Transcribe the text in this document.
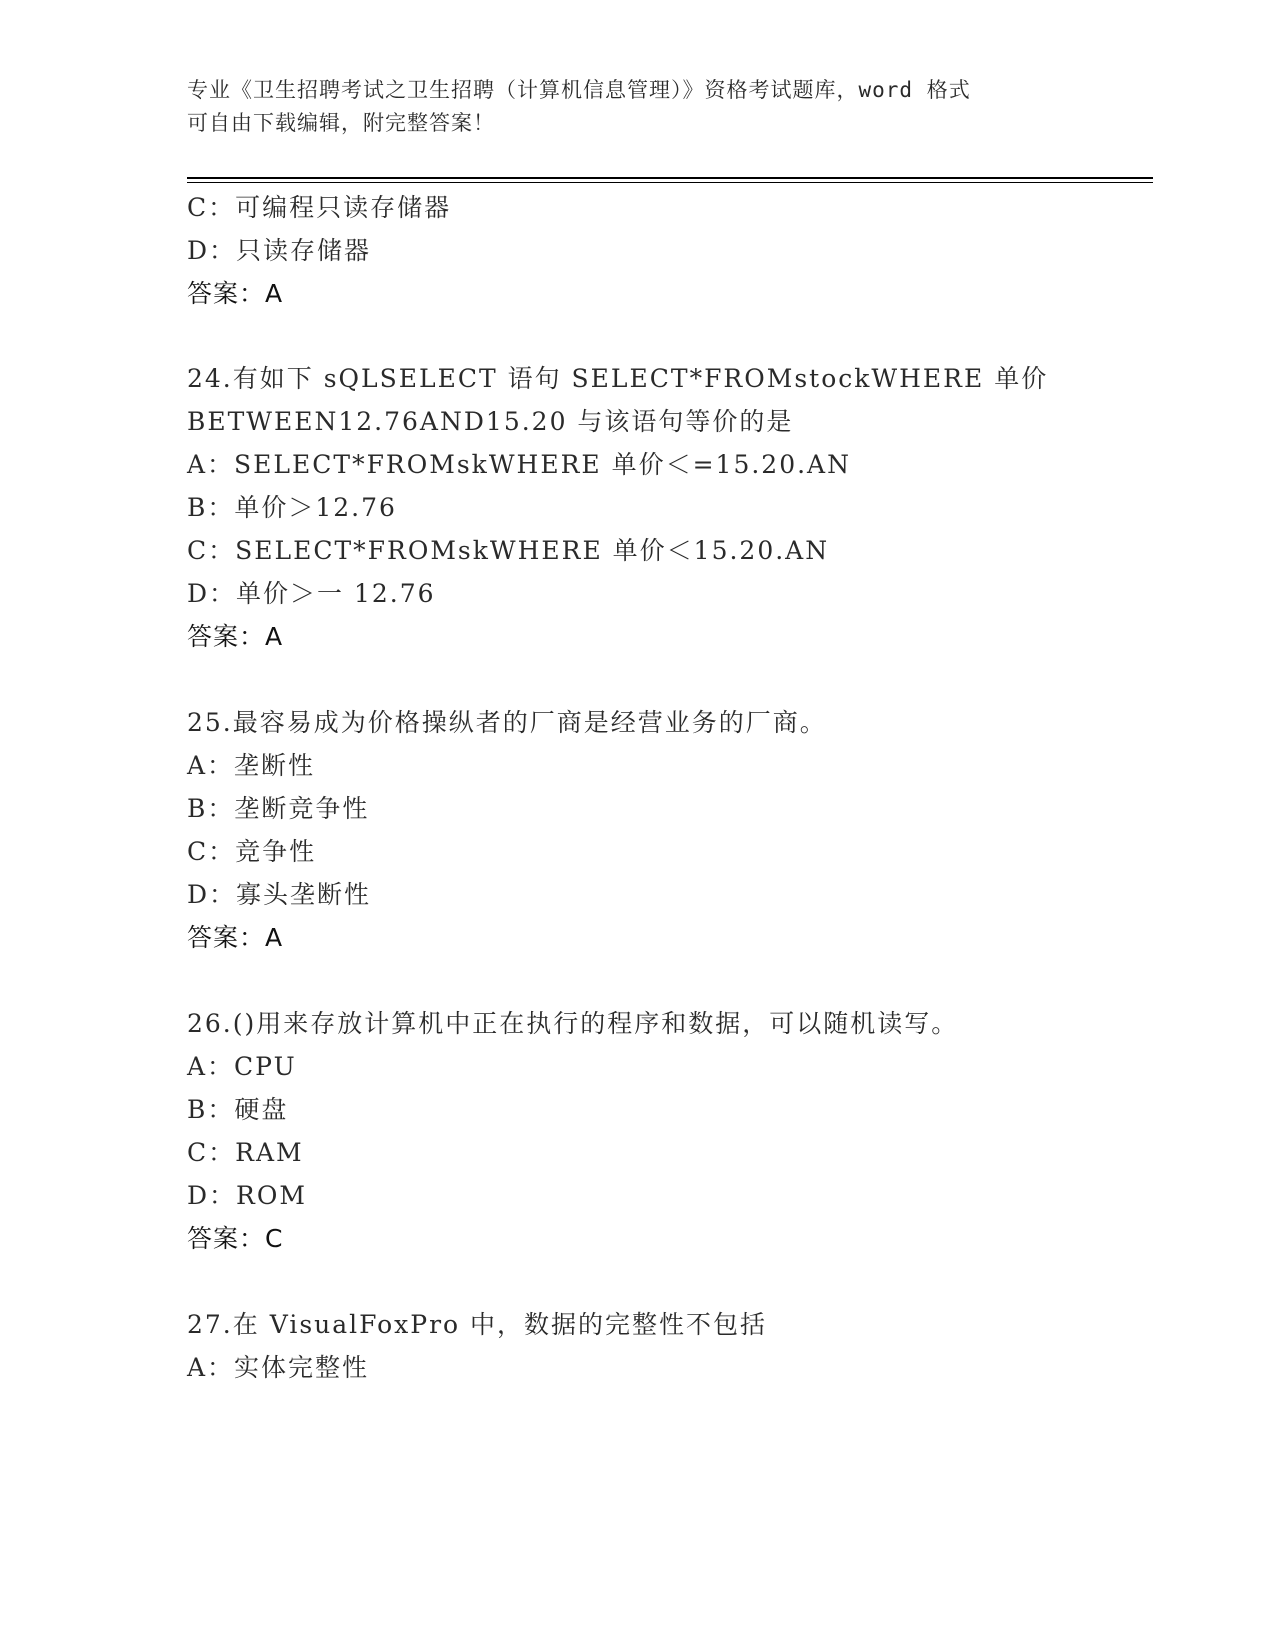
专业《卫生招聘考试之卫生招聘（计算机信息管理）》资格考试题库，word 格式
可自由下载编辑，附完整答案！
C：可编程只读存储器
D：只读存储器
答案：A
24.有如下 sQLSELECT 语句 SELECT*FROMstockWHERE 单价
BETWEEN12.76AND15.20 与该语句等价的是
A：SELECT*FROMskWHERE 单价＜=15.20.AN
B：单价＞12.76
C：SELECT*FROMskWHERE 单价＜15.20.AN
D：单价＞一 12.76
答案：A
25.最容易成为价格操纵者的厂商是经营业务的厂商。
A：垄断性
B：垄断竞争性
C：竞争性
D：寡头垄断性
答案：A
26.()用来存放计算机中正在执行的程序和数据，可以随机读写。
A：CPU
B：硬盘
C：RAM
D：ROM
答案：C
27.在 VisualFoxPro 中，数据的完整性不包括
A：实体完整性
